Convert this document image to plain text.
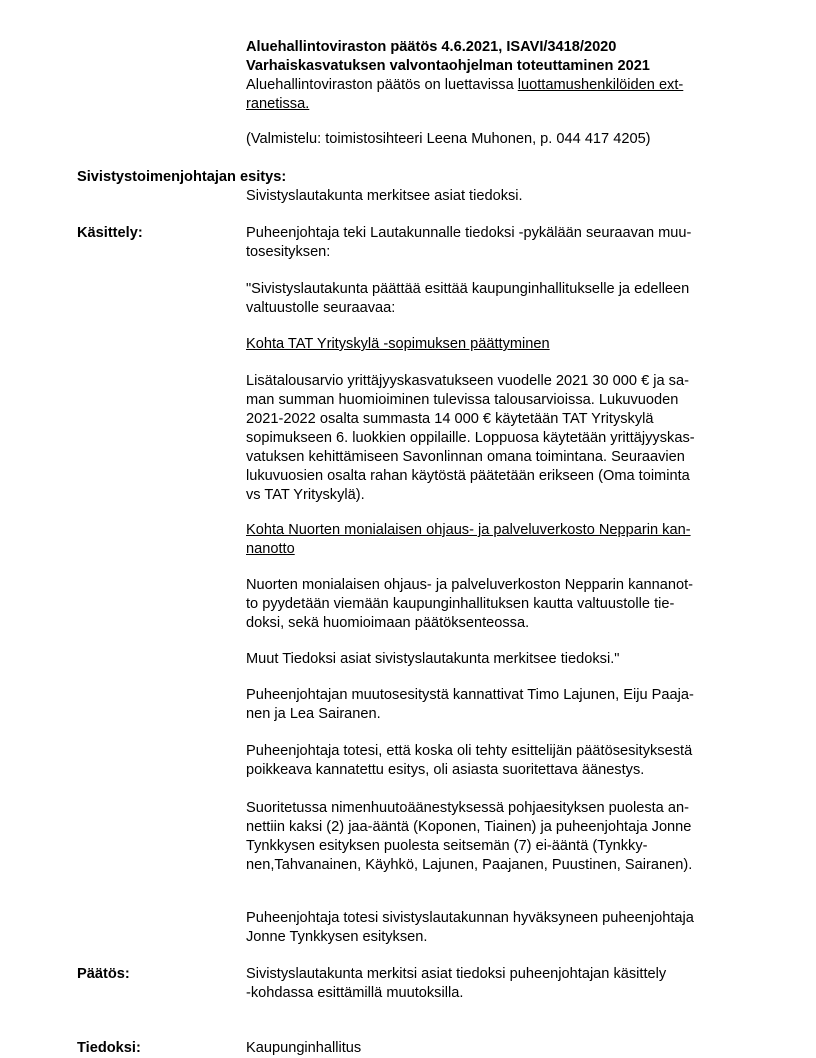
Aluehallintoviraston päätös 4.6.2021, ISAVI/3418/2020
Varhaiskasvatuksen valvontaohjelman toteuttaminen 2021
Aluehallintoviraston päätös on luettavissa luottamushenkilöiden ext-
ranetissa.
(Valmistelu: toimistosihteeri Leena Muhonen, p. 044 417 4205)
Sivistystoimenjohtajan esitys:
Sivistyslautakunta merkitsee asiat tiedoksi.
Käsittely:	Puheenjohtaja teki Lautakunnalle tiedoksi -pykälään seuraavan muu-
tosesityksen:
"Sivistyslautakunta päättää esittää kaupunginhallitukselle ja edelleen
valtuustolle seuraavaa:
Kohta TAT Yrityskylä -sopimuksen päättyminen
Lisätalousarvio yrittäjyyskasvatukseen vuodelle 2021 30 000 € ja sa-
man summan huomioiminen tulevissa talousarvioissa. Lukuvuoden
2021-2022 osalta summasta 14 000 € käytetään TAT Yrityskylä
sopimukseen 6. luokkien oppilaille. Loppuosa käytetään yrittäjyyskas-
vatuksen kehittämiseen Savonlinnan omana toimintana. Seuraavien
lukuvuosien osalta rahan käytöstä päätetään erikseen (Oma toiminta
vs TAT Yrityskylä).
Kohta Nuorten monialaisen ohjaus- ja palveluverkosto Nepparin kan-
nanotto
Nuorten monialaisen ohjaus- ja palveluverkoston Nepparin kannanot-
to pyydetään viemään kaupunginhallituksen kautta valtuustolle tie-
doksi, sekä huomioimaan päätöksenteossa.
Muut Tiedoksi asiat sivistyslautakunta merkitsee tiedoksi."
Puheenjohtajan muutosesitystä kannattivat Timo Lajunen, Eiju Paaja-
nen ja Lea Sairanen.
Puheenjohtaja totesi, että koska oli tehty esittelijän päätösesityksestä
poikkeava kannatettu esitys, oli asiasta suoritettava äänestys.
Suoritetussa nimenhuutoäänestyksessä pohjaesityksen puolesta an-
nettiin kaksi (2) jaa-ääntä (Koponen, Tiainen) ja puheenjohtaja Jonne
Tynkkysen esityksen puolesta seitsemän (7) ei-ääntä (Tynkky-
nen,Tahvanainen, Käyhkö, Lajunen, Paajanen, Puustinen, Sairanen).
Puheenjohtaja totesi sivistyslautakunnan hyväksyneen puheenjohtaja
Jonne Tynkkysen esityksen.
Päätös:	Sivistyslautakunta merkitsi asiat tiedoksi puheenjohtajan käsittely
-kohdassa esittämillä muutoksilla.
Tiedoksi:	Kaupunginhallitus
